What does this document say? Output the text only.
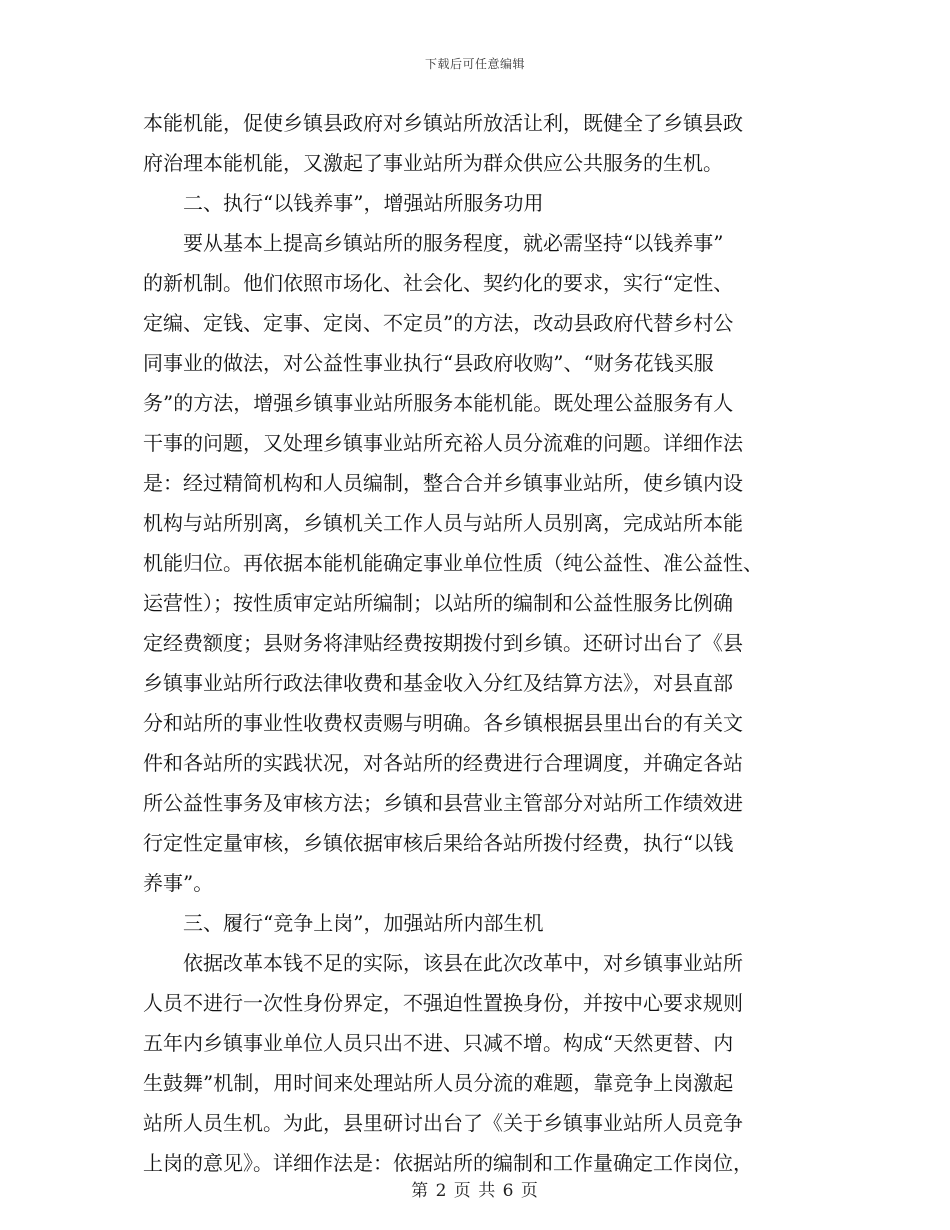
下载后可任意编辑
本能机能，促使乡镇县政府对乡镇站所放活让利，既健全了乡镇县政
府治理本能机能，又激起了事业站所为群众供应公共服务的生机。
二、执行“以钱养事”，增强站所服务功用
要从基本上提高乡镇站所的服务程度，就必需坚持“以钱养事”
的新机制。他们依照市场化、社会化、契约化的要求，实行“定性、
定编、定钱、定事、定岗、不定员”的方法，改动县政府代替乡村公
同事业的做法，对公益性事业执行“县政府收购”、“财务花钱买服
务”的方法，增强乡镇事业站所服务本能机能。既处理公益服务有人
干事的问题，又处理乡镇事业站所充裕人员分流难的问题。详细作法
是：经过精简机构和人员编制，整合合并乡镇事业站所，使乡镇内设
机构与站所别离，乡镇机关工作人员与站所人员别离，完成站所本能
机能归位。再依据本能机能确定事业单位性质（纯公益性、准公益性、
运营性）；按性质审定站所编制；以站所的编制和公益性服务比例确
定经费额度；县财务将津贴经费按期拨付到乡镇。还研讨出台了《县
乡镇事业站所行政法律收费和基金收入分红及结算方法》，对县直部
分和站所的事业性收费权责赐与明确。各乡镇根据县里出台的有关文
件和各站所的实践状况，对各站所的经费进行合理调度，并确定各站
所公益性事务及审核方法；乡镇和县营业主管部分对站所工作绩效进
行定性定量审核，乡镇依据审核后果给各站所拨付经费，执行“以钱
养事”。
三、履行“竞争上岗”，加强站所内部生机
依据改革本钱不足的实际，该县在此次改革中，对乡镇事业站所
人员不进行一次性身份界定，不强迫性置换身份，并按中心要求规则
五年内乡镇事业单位人员只出不进、只减不增。构成“天然更替、内
生鼓舞”机制，用时间来处理站所人员分流的难题，靠竞争上岗激起
站所人员生机。为此，县里研讨出台了《关于乡镇事业站所人员竞争
上岗的意见》。详细作法是：依据站所的编制和工作量确定工作岗位，
第 2 页 共 6 页
